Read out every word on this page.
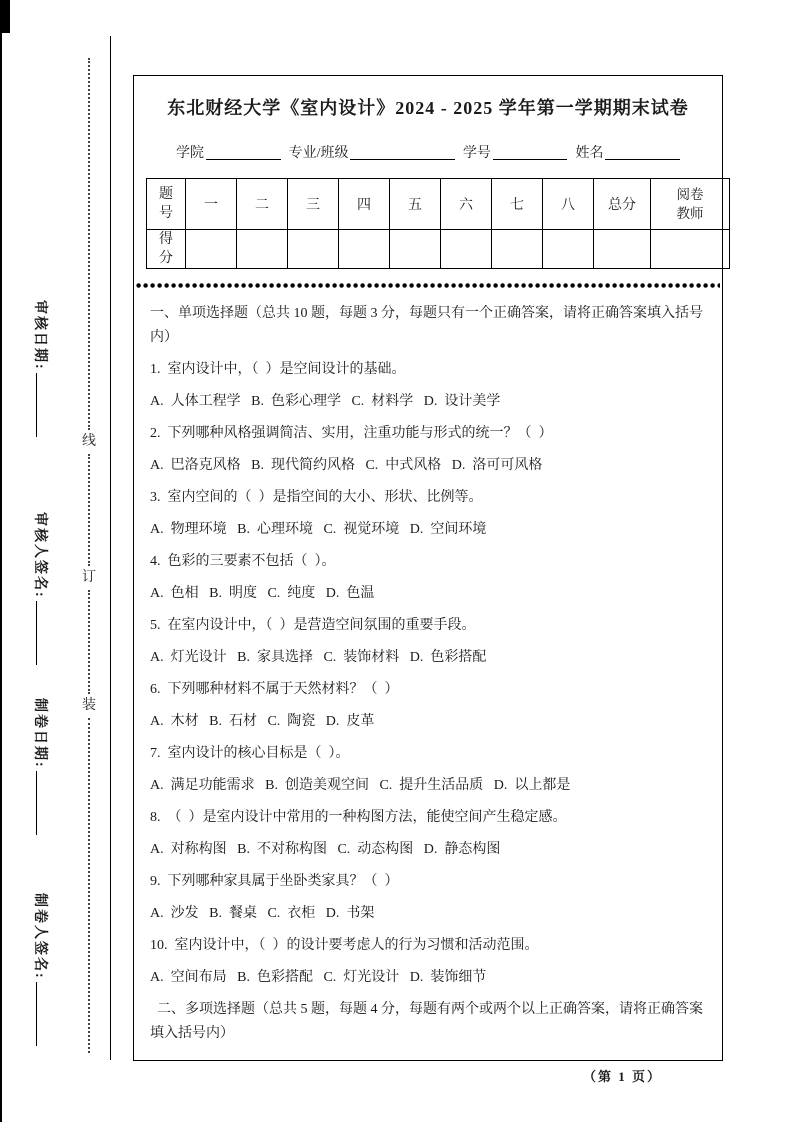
审核日期:
审核人签名:
制卷日期:
制卷人签名:
线
订
装
东北财经大学《室内设计》2024 - 2025 学年第一学期期末试卷
学院	专业/班级	学号	姓名
题号	一	二	三	四	五	六	七	八	总分	阅卷教师
得分										

一、单项选择题（总共 10 题，每题 3 分，每题只有一个正确答案，请将正确答案填入括号内）

1.  室内设计中，（  ）是空间设计的基础。

A.  人体工程学   B.  色彩心理学   C.  材料学   D.  设计美学

2.  下列哪种风格强调简洁、实用，注重功能与形式的统一？（  ）

A.  巴洛克风格   B.  现代简约风格   C.  中式风格   D.  洛可可风格

3.  室内空间的（  ）是指空间的大小、形状、比例等。

A.  物理环境   B.  心理环境   C.  视觉环境   D.  空间环境

4.  色彩的三要素不包括（  ）。

A.  色相   B.  明度   C.  纯度   D.  色温

5.  在室内设计中，（  ）是营造空间氛围的重要手段。

A.  灯光设计   B.  家具选择   C.  装饰材料   D.  色彩搭配

6.  下列哪种材料不属于天然材料？（  ）

A.  木材   B.  石材   C.  陶瓷   D.  皮革

7.  室内设计的核心目标是（  ）。

A.  满足功能需求   B.  创造美观空间   C.  提升生活品质   D.  以上都是

8.  （  ）是室内设计中常用的一种构图方法，能使空间产生稳定感。

A.  对称构图   B.  不对称构图   C.  动态构图   D.  静态构图

9.  下列哪种家具属于坐卧类家具？（  ）

A.  沙发   B.  餐桌   C.  衣柜   D.  书架

10.  室内设计中，（  ）的设计要考虑人的行为习惯和活动范围。

A.  空间布局   B.  色彩搭配   C.  灯光设计   D.  装饰细节

二、多项选择题（总共 5 题，每题 4 分，每题有两个或两个以上正确答案，请将正确答案填入括号内）

（第 1 页）
